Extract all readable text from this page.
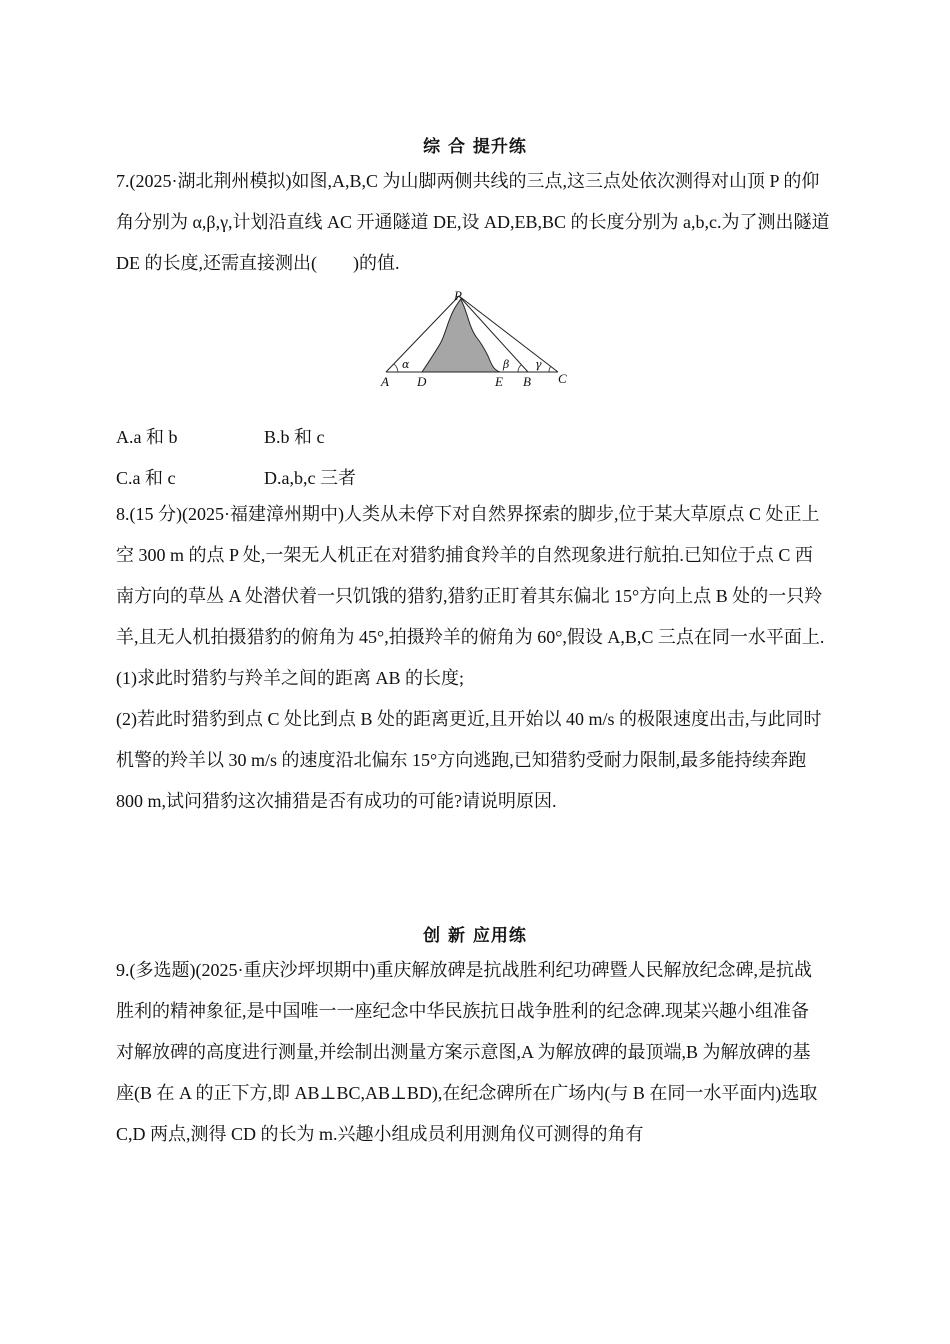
综 合 提升练
7.(2025·湖北荆州模拟)如图,A,B,C 为山脚两侧共线的三点,这三点处依次测得对山顶 P 的仰
角分别为 α,β,γ,计划沿直线 AC 开通隧道 DE,设 AD,EB,BC 的长度分别为 a,b,c.为了测出隧道
DE 的长度,还需直接测出(　　)的值.
P
A D	E B C
α	β γ
A.a 和 b	B.b 和 c
C.a 和 c	D.a,b,c 三者
8.(15 分)(2025·福建漳州期中)人类从未停下对自然界探索的脚步,位于某大草原点 C 处正上
空 300 m 的点 P 处,一架无人机正在对猎豹捕食羚羊的自然现象进行航拍.已知位于点 C 西
南方向的草丛 A 处潜伏着一只饥饿的猎豹,猎豹正盯着其东偏北 15°方向上点 B 处的一只羚
羊,且无人机拍摄猎豹的俯角为 45°,拍摄羚羊的俯角为 60°,假设 A,B,C 三点在同一水平面上.
(1)求此时猎豹与羚羊之间的距离 AB 的长度;
(2)若此时猎豹到点 C 处比到点 B 处的距离更近,且开始以 40 m/s 的极限速度出击,与此同时
机警的羚羊以 30 m/s 的速度沿北偏东 15°方向逃跑,已知猎豹受耐力限制,最多能持续奔跑
800 m,试问猎豹这次捕猎是否有成功的可能?请说明原因.
创 新 应用练
9.(多选题)(2025·重庆沙坪坝期中)重庆解放碑是抗战胜利纪功碑暨人民解放纪念碑,是抗战
胜利的精神象征,是中国唯一一座纪念中华民族抗日战争胜利的纪念碑.现某兴趣小组准备
对解放碑的高度进行测量,并绘制出测量方案示意图,A 为解放碑的最顶端,B 为解放碑的基
座(B 在 A 的正下方,即 AB⊥BC,AB⊥BD),在纪念碑所在广场内(与 B 在同一水平面内)选取
C,D 两点,测得 CD 的长为 m.兴趣小组成员利用测角仪可测得的角有
